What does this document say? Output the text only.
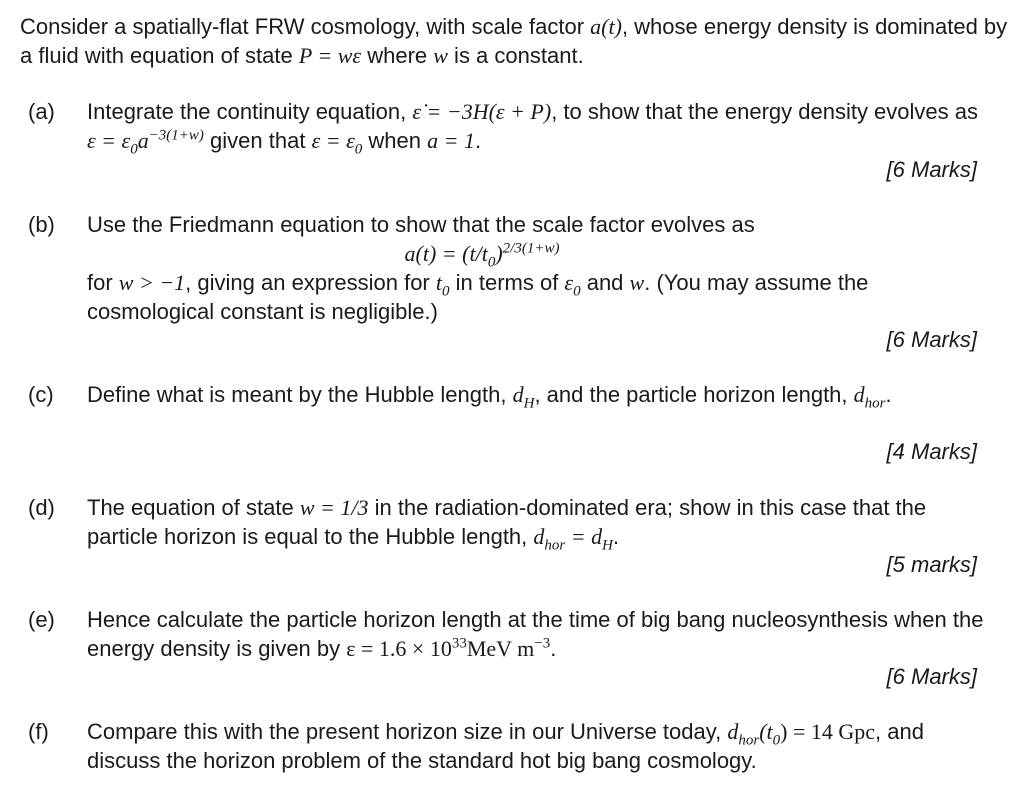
Consider a spatially-flat FRW cosmology, with scale factor a(t), whose energy density is dominated by a fluid with equation of state P = wε where w is a constant.
(a) Integrate the continuity equation, ε̇ = −3H(ε + P), to show that the energy density evolves as $\varepsilon = \varepsilon_0a^{-3(1+w)}$ given that $\varepsilon = \varepsilon_0$ when a = 1.
[6 Marks]
(b) Use the Friedmann equation to show that the scale factor evolves as
$a(t) = (t/t_0)^{2/3(1+w)}$
for w > −1, giving an expression for $t_0$ in terms of $\varepsilon_0$ and w. (You may assume the cosmological constant is negligible.)
[6 Marks]
(c) Define what is meant by the Hubble length, $d_H$, and the particle horizon length, $d_{hor}$.
[4 Marks]
(d) The equation of state w = 1/3 in the radiation-dominated era; show in this case that the particle horizon is equal to the Hubble length, $d_{hor} = d_H$.
[5 marks]
(e) Hence calculate the particle horizon length at the time of big bang nucleosynthesis when the energy density is given by $\varepsilon = 1.6 \times 10^{33}MeV$ $m^{-3}$.
[6 Marks]
(f) Compare this with the present horizon size in our Universe today, $d_{hor}(t_0) = 14$ Gpc, and discuss the horizon problem of the standard hot big bang cosmology.
